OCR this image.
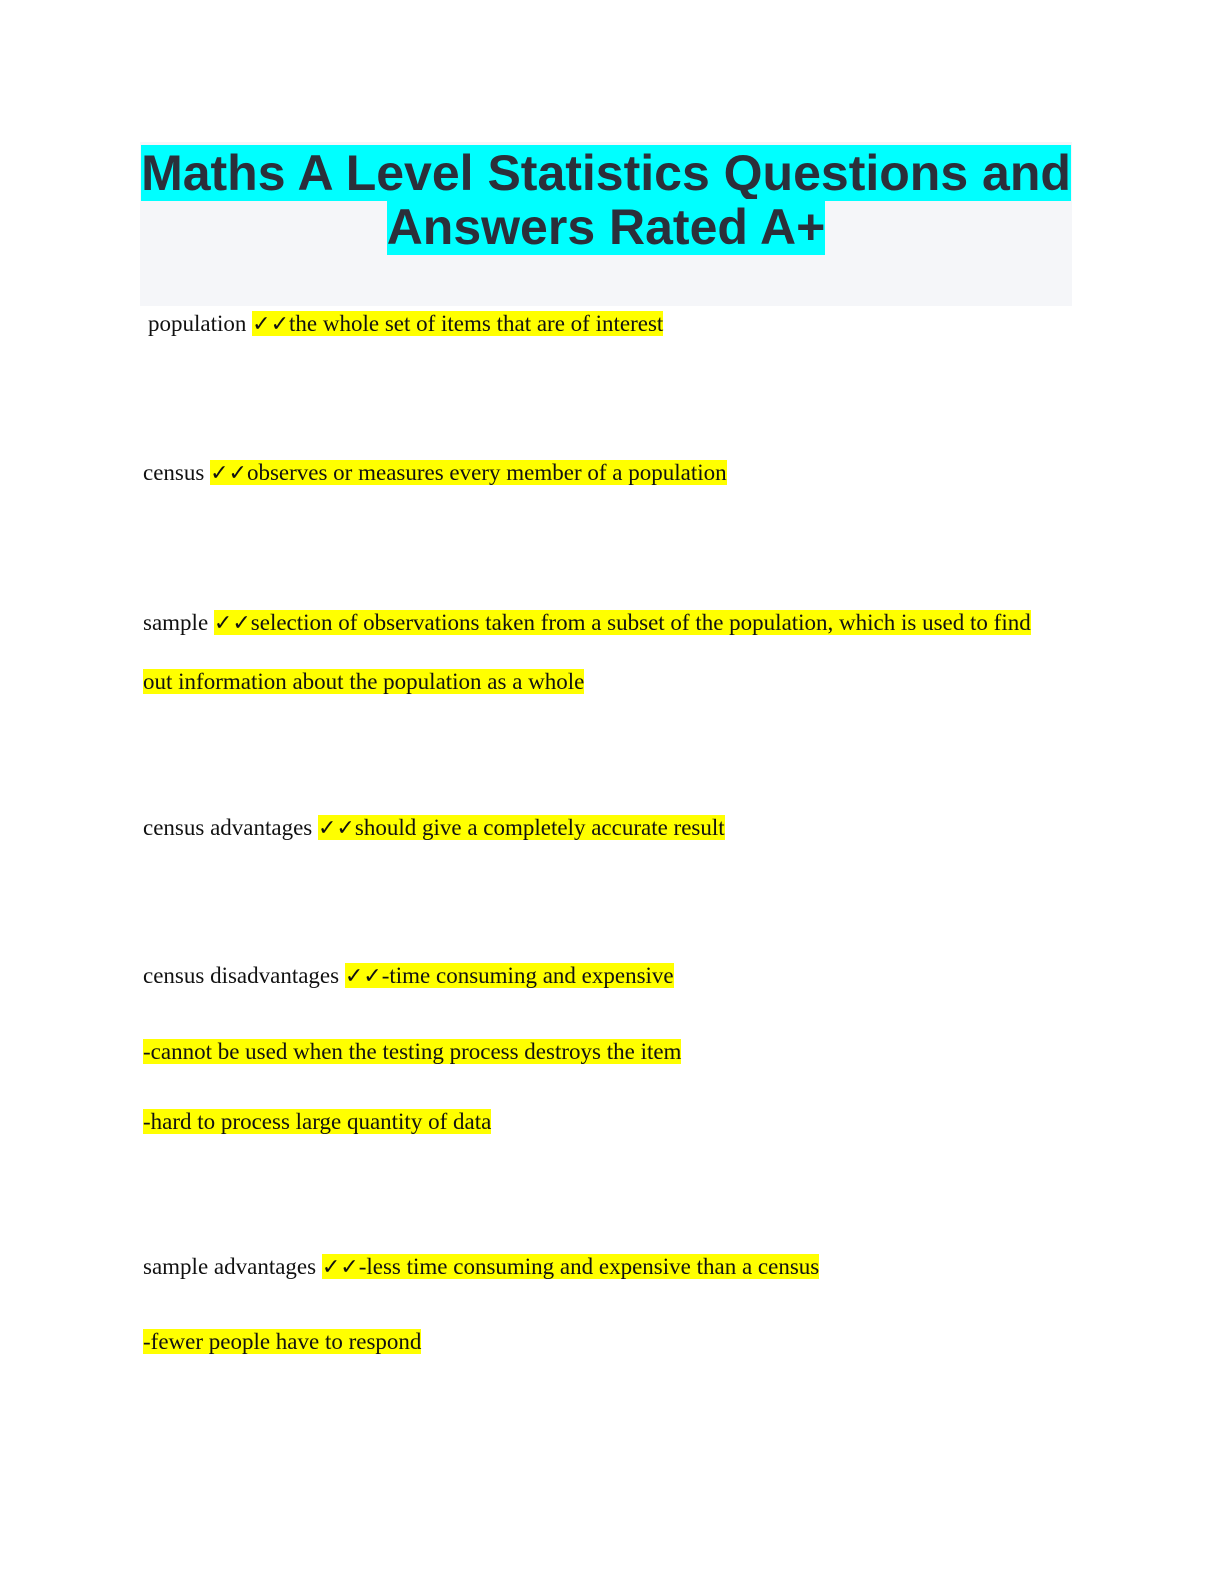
Maths A Level Statistics Questions and Answers Rated A+
population ✓✓the whole set of items that are of interest
census ✓✓observes or measures every member of a population
sample ✓✓selection of observations taken from a subset of the population, which is used to find
out information about the population as a whole
census advantages ✓✓should give a completely accurate result
census disadvantages ✓✓-time consuming and expensive
-cannot be used when the testing process destroys the item
-hard to process large quantity of data
sample advantages ✓✓-less time consuming and expensive than a census
-fewer people have to respond
